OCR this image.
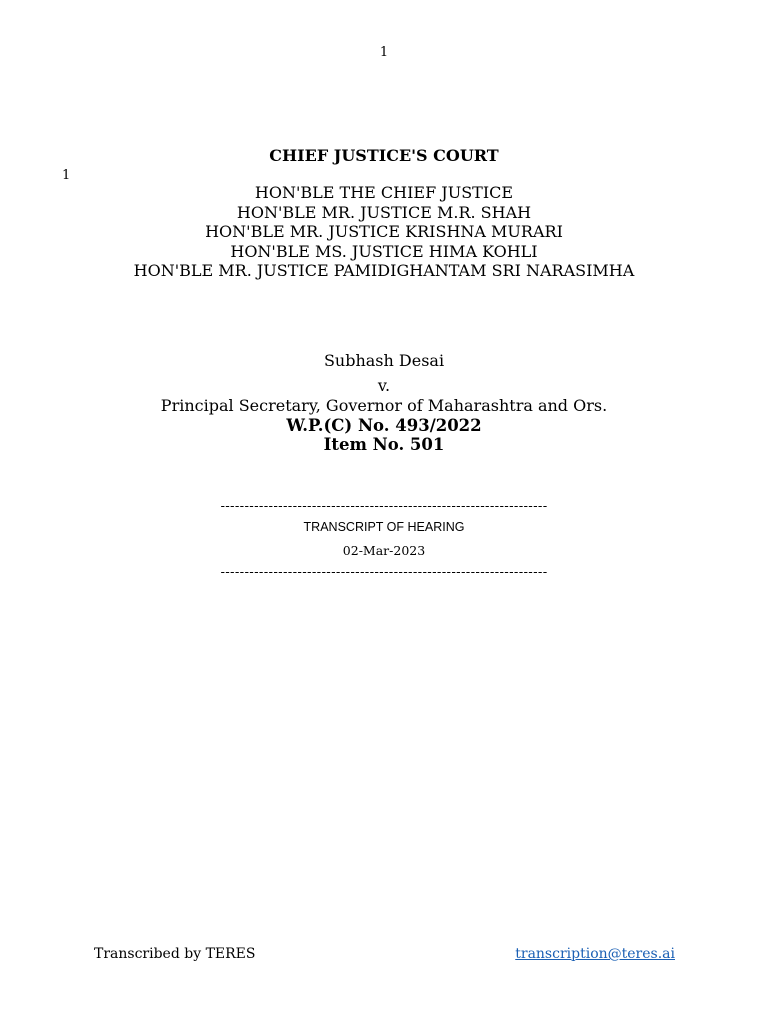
1
1
CHIEF JUSTICE'S COURT
HON'BLE THE CHIEF JUSTICE
HON'BLE MR. JUSTICE M.R. SHAH
HON'BLE MR. JUSTICE KRISHNA MURARI
HON'BLE MS. JUSTICE HIMA KOHLI
HON'BLE MR. JUSTICE PAMIDIGHANTAM SRI NARASIMHA
Subhash Desai
v.
Principal Secretary, Governor of Maharashtra and Ors.
W.P.(C) No. 493/2022
Item No. 501
--------------------------------------------------------------------
TRANSCRIPT OF HEARING
02-Mar-2023
--------------------------------------------------------------------
Transcribed by TERES	transcription@teres.ai
